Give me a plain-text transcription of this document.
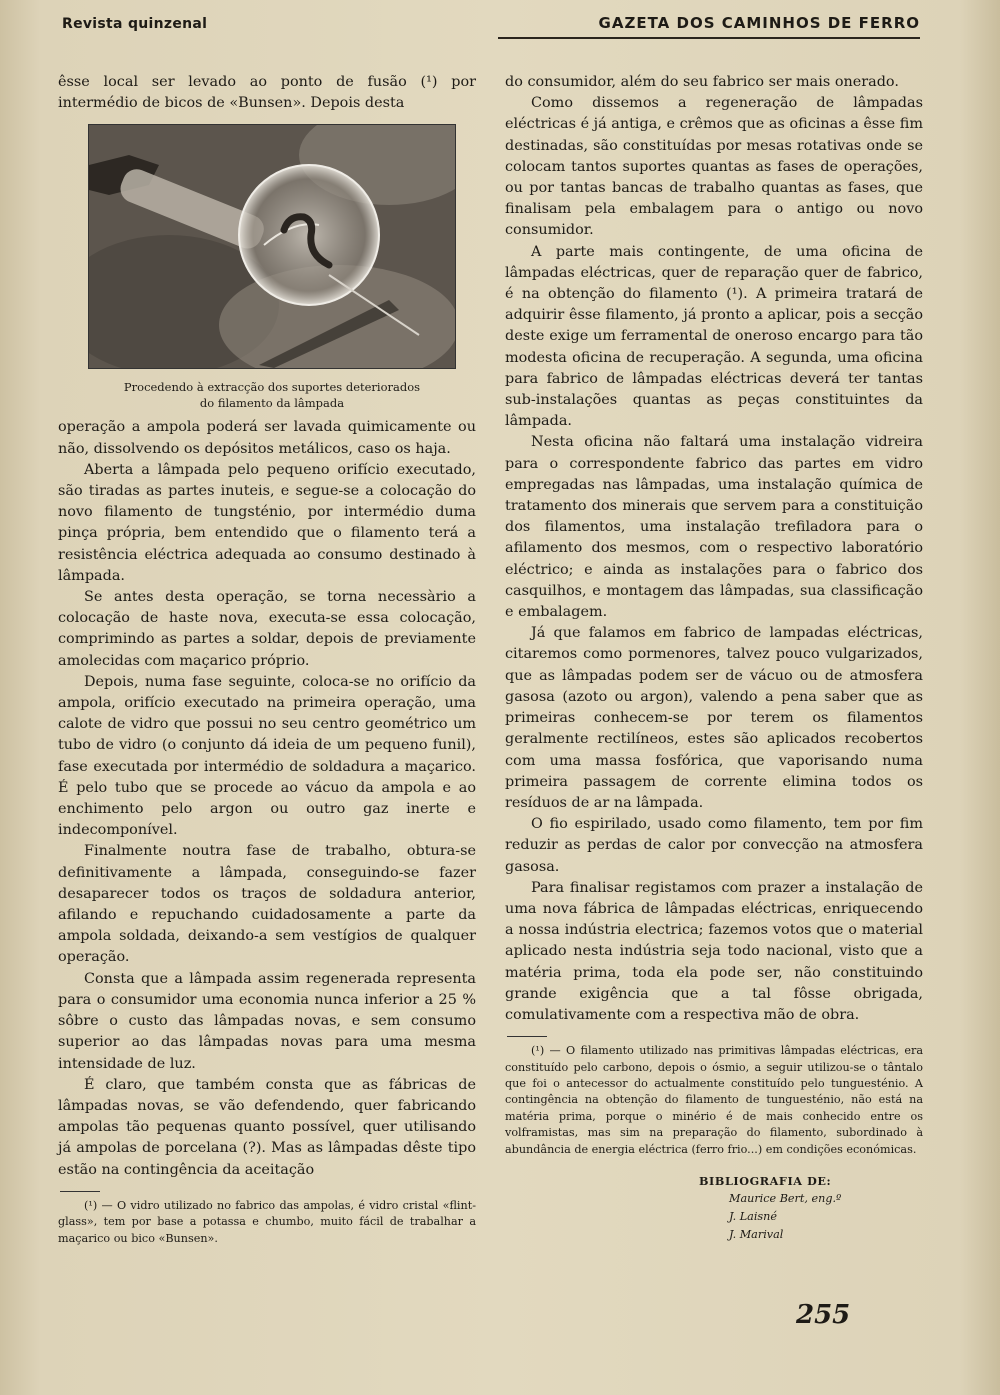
Revista quinzenal	GAZETA DOS CAMINHOS DE FERRO

êsse local ser levado ao ponto de fusão (¹) por intermédio de bicos de «Bunsen». Depois desta

Procedendo à extracção dos suportes deteriorados
do filamento da lâmpada

operação a ampola poderá ser lavada quimicamente ou não, dissolvendo os depósitos metálicos, caso os haja.

Aberta a lâmpada pelo pequeno orifício executado, são tiradas as partes inuteis, e segue-se a colocação do novo filamento de tungsténio, por intermédio duma pinça própria, bem entendido que o filamento terá a resistência eléctrica adequada ao consumo destinado à lâmpada.

Se antes desta operação, se torna necessàrio a colocação de haste nova, executa-se essa colocação, comprimindo as partes a soldar, depois de previamente amolecidas com maçarico próprio.

Depois, numa fase seguinte, coloca-se no orifício da ampola, orifício executado na primeira operação, uma calote de vidro que possui no seu centro geométrico um tubo de vidro (o conjunto dá ideia de um pequeno funil), fase executada por intermédio de soldadura a maçarico. É pelo tubo que se procede ao vácuo da ampola e ao enchimento pelo argon ou outro gaz inerte e indecomponível.

Finalmente noutra fase de trabalho, obtura-se definitivamente a lâmpada, conseguindo-se fazer desaparecer todos os traços de soldadura anterior, afilando e repuchando cuidadosamente a parte da ampola soldada, deixando-a sem vestígios de qualquer operação.

Consta que a lâmpada assim regenerada representa para o consumidor uma economia nunca inferior a 25 % sôbre o custo das lâmpadas novas, e sem consumo superior ao das lâmpadas novas para uma mesma intensidade de luz.

É claro, que também consta que as fábricas de lâmpadas novas, se vão defendendo, quer fabricando ampolas tão pequenas quanto possível, quer utilisando já ampolas de porcelana (?). Mas as lâmpadas dêste tipo estão na contingência da aceitação

(¹) — O vidro utilizado no fabrico das ampolas, é vidro cristal «flint-glass», tem por base a potassa e chumbo, muito fácil de trabalhar a maçarico ou bico «Bunsen».

do consumidor, além do seu fabrico ser mais onerado.

Como dissemos a regeneração de lâmpadas eléctricas é já antiga, e crêmos que as oficinas a êsse fim destinadas, são constituídas por mesas rotativas onde se colocam tantos suportes quantas as fases de operações, ou por tantas bancas de trabalho quantas as fases, que finalisam pela embalagem para o antigo ou novo consumidor.

A parte mais contingente, de uma oficina de lâmpadas eléctricas, quer de reparação quer de fabrico, é na obtenção do filamento (¹). A primeira tratará de adquirir êsse filamento, já pronto a aplicar, pois a secção deste exige um ferramental de oneroso encargo para tão modesta oficina de recuperação. A segunda, uma oficina para fabrico de lâmpadas eléctricas deverá ter tantas sub-instalações quantas as peças constituintes da lâmpada.

Nesta oficina não faltará uma instalação vidreira para o correspondente fabrico das partes em vidro empregadas nas lâmpadas, uma instalação química de tratamento dos minerais que servem para a constituição dos filamentos, uma instalação trefiladora para o afilamento dos mesmos, com o respectivo laboratório eléctrico; e ainda as instalações para o fabrico dos casquilhos, e montagem das lâmpadas, sua classificação e embalagem.

Já que falamos em fabrico de lampadas eléctricas, citaremos como pormenores, talvez pouco vulgarizados, que as lâmpadas podem ser de vácuo ou de atmosfera gasosa (azoto ou argon), valendo a pena saber que as primeiras conhecem-se por terem os filamentos geralmente rectilíneos, estes são aplicados recobertos com uma massa fosfórica, que vaporisando numa primeira passagem de corrente elimina todos os resíduos de ar na lâmpada.

O fio espirilado, usado como filamento, tem por fim reduzir as perdas de calor por convecção na atmosfera gasosa.

Para finalisar registamos com prazer a instalação de uma nova fábrica de lâmpadas eléctricas, enriquecendo a nossa indústria electrica; fazemos votos que o material aplicado nesta indústria seja todo nacional, visto que a matéria prima, toda ela pode ser, não constituindo grande exigência que a tal fôsse obrigada, comulativamente com a respectiva mão de obra.

(¹) — O filamento utilizado nas primitivas lâmpadas eléctricas, era constituído pelo carbono, depois o ósmio, a seguir utilizou-se o tântalo que foi o antecessor do actualmente constituído pelo tunguesténio. A contingência na obtenção do filamento de tunguesténio, não está na matéria prima, porque o minério é de mais conhecido entre os volframistas, mas sim na preparação do filamento, subordinado à abundância de energia eléctrica (ferro frio...) em condições económicas.

BIBLIOGRAFIA DE:
Maurice Bert, eng.º
J. Laisné
J. Marival
255
